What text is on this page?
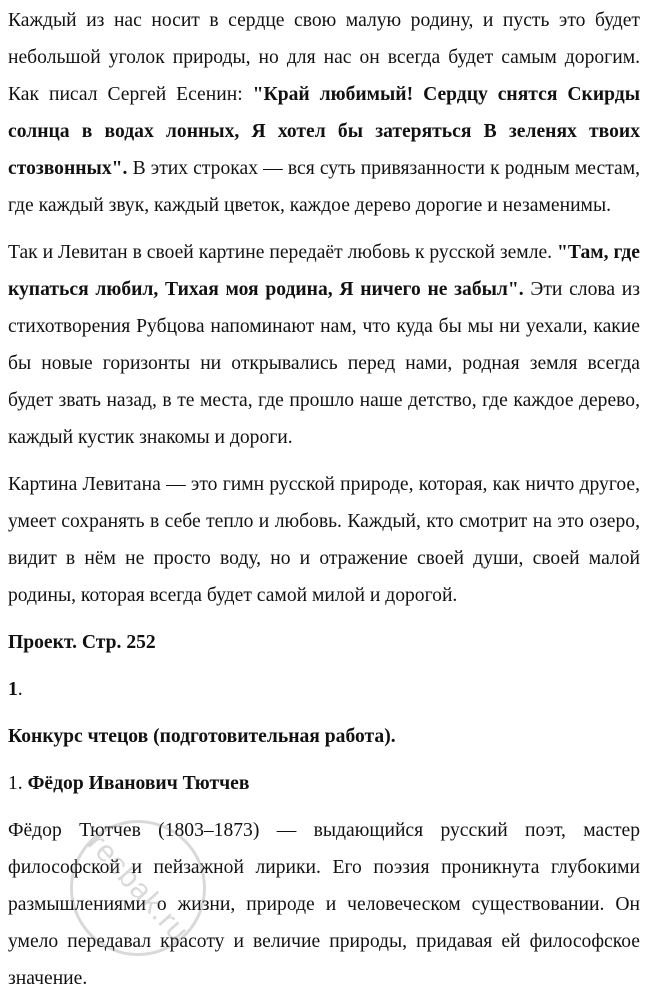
Каждый из нас носит в сердце свою малую родину, и пусть это будет небольшой уголок природы, но для нас он всегда будет самым дорогим. Как писал Сергей Есенин: "Край любимый! Сердцу снятся Скирды солнца в водах лонных, Я хотел бы затеряться В зеленях твоих стозвонных". В этих строках — вся суть привязанности к родным местам, где каждый звук, каждый цветок, каждое дерево дорогие и незаменимы.

Так и Левитан в своей картине передаёт любовь к русской земле. "Там, где купаться любил, Тихая моя родина, Я ничего не забыл". Эти слова из стихотворения Рубцова напоминают нам, что куда бы мы ни уехали, какие бы новые горизонты ни открывались перед нами, родная земля всегда будет звать назад, в те места, где прошло наше детство, где каждое дерево, каждый кустик знакомы и дороги.

Картина Левитана — это гимн русской природе, которая, как ничто другое, умеет сохранять в себе тепло и любовь. Каждый, кто смотрит на это озеро, видит в нём не просто воду, но и отражение своей души, своей малой родины, которая всегда будет самой милой и дорогой.

Проект. Стр. 252

1.

Конкурс чтецов (подготовительная работа).

1. Фёдор Иванович Тютчев

Фёдор Тютчев (1803–1873) — выдающийся русский поэт, мастер философской и пейзажной лирики. Его поэзия проникнута глубокими размышлениями о жизни, природе и человеческом существовании. Он умело передавал красоту и величие природы, придавая ей философское значение.

resbak.ru
